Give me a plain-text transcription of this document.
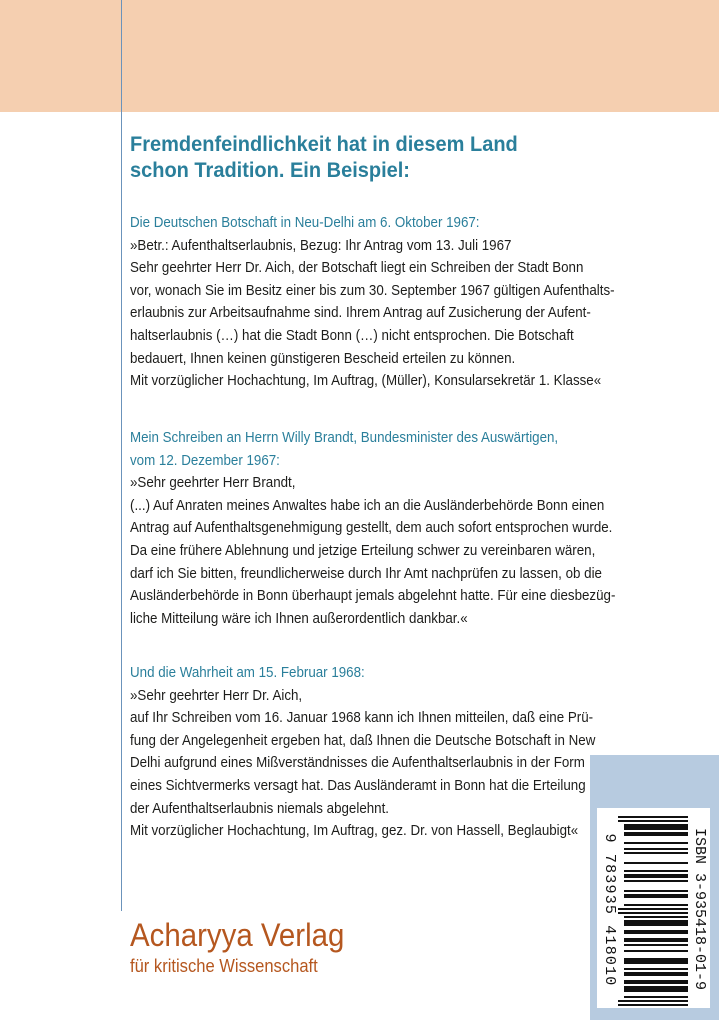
Fremdenfeindlichkeit hat in diesem Land
schon Tradition. Ein Beispiel:

Die Deutschen Botschaft in Neu-Delhi am 6. Oktober 1967:

»Betr.: Aufenthaltserlaubnis, Bezug: Ihr Antrag vom 13. Juli 1967

Sehr geehrter Herr Dr. Aich, der Botschaft liegt ein Schreiben der Stadt Bonn

vor, wonach Sie im Besitz einer bis zum 30. September 1967 gültigen Aufenthalts-

erlaubnis zur Arbeitsaufnahme sind. Ihrem Antrag auf Zusicherung der Aufent-

haltserlaubnis (…) hat die Stadt Bonn (…) nicht entsprochen. Die Botschaft

bedauert, Ihnen keinen günstigeren Bescheid erteilen zu können.

Mit vorzüglicher Hochachtung, Im Auftrag, (Müller), Konsularsekretär 1. Klasse«

Mein Schreiben an Herrn Willy Brandt, Bundesminister des Auswärtigen,

vom 12. Dezember 1967:

»Sehr geehrter Herr Brandt,

(...) Auf Anraten meines Anwaltes habe ich an die Ausländerbehörde Bonn einen

Antrag auf Aufenthaltsgenehmigung gestellt, dem auch sofort entsprochen wurde.

Da eine frühere Ablehnung und jetzige Erteilung schwer zu vereinbaren wären,

darf ich Sie bitten, freundlicherweise durch Ihr Amt nachprüfen zu lassen, ob die

Ausländerbehörde in Bonn überhaupt jemals abgelehnt hatte. Für eine diesbezüg-

liche Mitteilung wäre ich Ihnen außerordentlich dankbar.«

Und die Wahrheit am 15. Februar 1968:

»Sehr geehrter Herr Dr. Aich,

auf Ihr Schreiben vom 16. Januar 1968 kann ich Ihnen mitteilen, daß eine Prü-

fung der Angelegenheit ergeben hat, daß Ihnen die Deutsche Botschaft in New

Delhi aufgrund eines Mißverständnisses die Aufenthaltserlaubnis in der Form

eines Sichtvermerks versagt hat. Das Ausländeramt in Bonn hat die Erteilung

der Aufenthaltserlaubnis niemals abgelehnt.

Mit vorzüglicher Hochachtung, Im Auftrag, gez. Dr. von Hassell, Beglaubigt«

Acharyya Verlag

für kritische Wissenschaft	ISBN 3-935418-01-9

9 783935 418010
